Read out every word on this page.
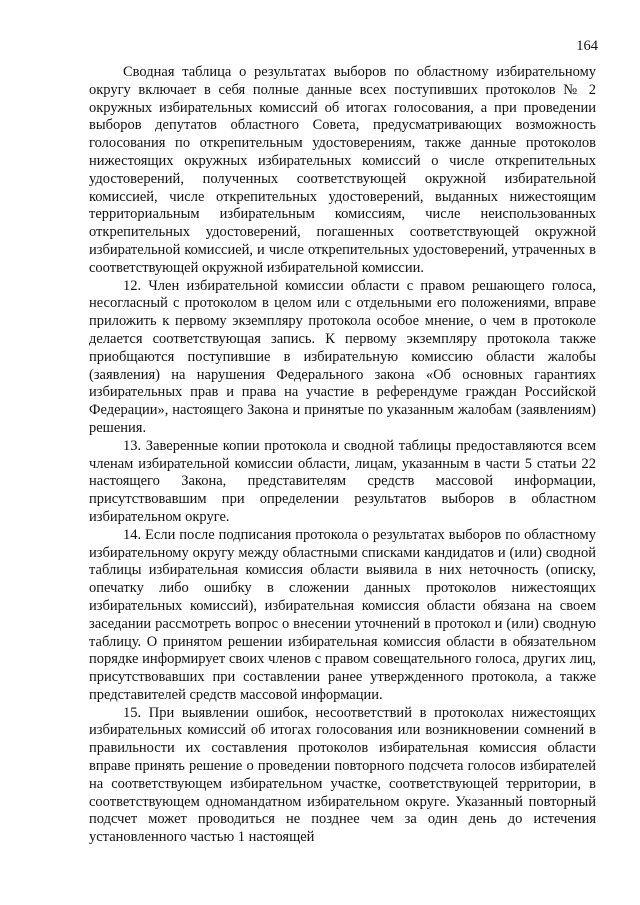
164

Сводная таблица о результатах выборов по областному избирательному округу включает в себя полные данные всех поступивших протоколов № 2 окружных избирательных комиссий об итогах голосования, а при проведении выборов депутатов областного Совета, предусматривающих возможность голосования по открепительным удостоверениям, также данные протоколов нижестоящих окружных избирательных комиссий о числе открепительных удостоверений, полученных соответствующей окружной избирательной комиссией, числе открепительных удостоверений, выданных нижестоящим территориальным избирательным комиссиям, числе неиспользованных открепительных удостоверений, погашенных соответствующей окружной избирательной комиссией, и числе открепительных удостоверений, утраченных в соответствующей окружной избирательной комиссии.

12. Член избирательной комиссии области с правом решающего голоса, несогласный с протоколом в целом или с отдельными его положениями, вправе приложить к первому экземпляру протокола особое мнение, о чем в протоколе делается соответствующая запись. К первому экземпляру протокола также приобщаются поступившие в избирательную комиссию области жалобы (заявления) на нарушения Федерального закона «Об основных гарантиях избирательных прав и права на участие в референдуме граждан Российской Федерации», настоящего Закона и принятые по указанным жалобам (заявлениям) решения.

13. Заверенные копии протокола и сводной таблицы предоставляются всем членам избирательной комиссии области, лицам, указанным в части 5 статьи 22 настоящего Закона, представителям средств массовой информации, присутствовавшим при определении результатов выборов в областном избирательном округе.

14. Если после подписания протокола о результатах выборов по областному избирательному округу между областными списками кандидатов и (или) сводной таблицы избирательная комиссия области выявила в них неточность (описку, опечатку либо ошибку в сложении данных протоколов нижестоящих избирательных комиссий), избирательная комиссия области обязана на своем заседании рассмотреть вопрос о внесении уточнений в протокол и (или) сводную таблицу. О принятом решении избирательная комиссия области в обязательном порядке информирует своих членов с правом совещательного голоса, других лиц, присутствовавших при составлении ранее утвержденного протокола, а также представителей средств массовой информации.

15. При выявлении ошибок, несоответствий в протоколах нижестоящих избирательных комиссий об итогах голосования или возникновении сомнений в правильности их составления протоколов избирательная комиссия области вправе принять решение о проведении повторного подсчета голосов избирателей на соответствующем избирательном участке, соответствующей территории, в соответствующем одномандатном избирательном округе. Указанный повторный подсчет может проводиться не позднее чем за один день до истечения установленного частью 1 настоящей
